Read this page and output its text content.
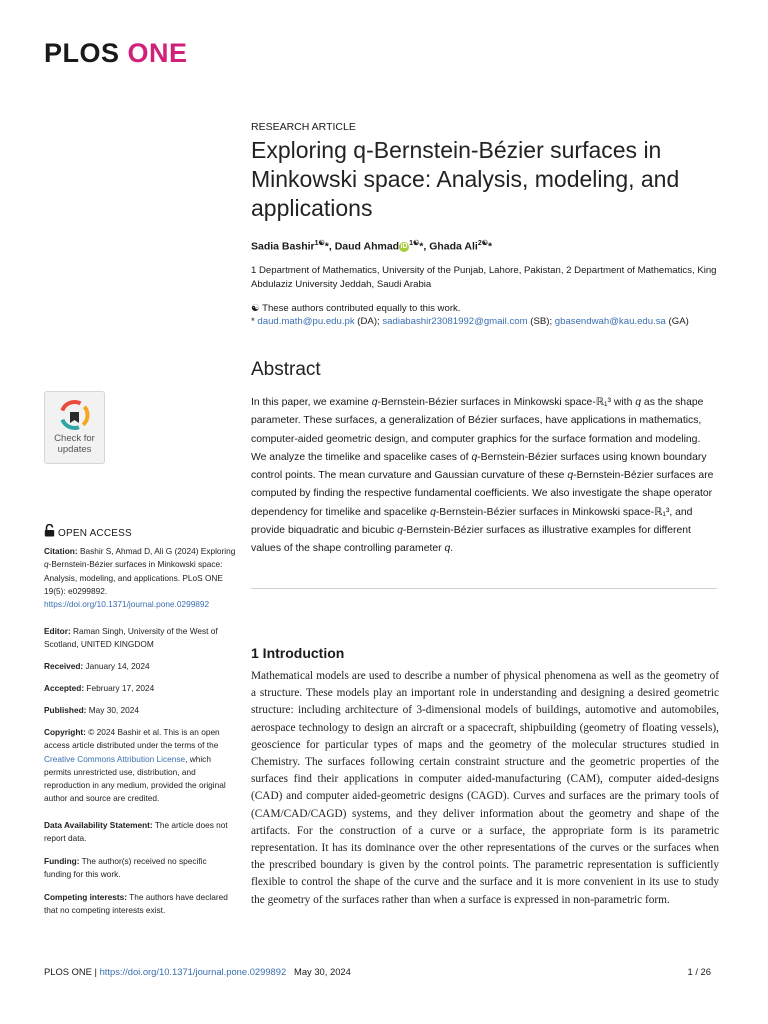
PLOS ONE
RESEARCH ARTICLE
Exploring q-Bernstein-Bézier surfaces in Minkowski space: Analysis, modeling, and applications
Sadia Bashir$^{1☯}$*, Daud Ahmad iD $^{1☯}$*, Ghada Ali$^{2☯}$*
1 Department of Mathematics, University of the Punjab, Lahore, Pakistan, 2 Department of Mathematics, King Abdulaziz University Jeddah, Saudi Arabia
☯ These authors contributed equally to this work.
* daud.math@pu.edu.pk (DA); sadiabashir23081992@gmail.com (SB); gbasendwah@kau.edu.sa (GA)
Abstract

In this paper, we examine q-Bernstein-Bézier surfaces in Minkowski space-ℝ₁³ with q as the shape parameter. These surfaces, a generalization of Bézier surfaces, have applications in mathematics, computer-aided geometric design, and computer graphics for the surface formation and modeling. We analyze the timelike and spacelike cases of q-Bernstein-Bézier surfaces using known boundary control points. The mean curvature and Gaussian curvature of these q-Bernstein-Bézier surfaces are computed by finding the respective fundamental coefficients. We also investigate the shape operator dependency for timelike and spacelike q-Bernstein-Bézier surfaces in Minkowski space-ℝ₁³, and provide biquadratic and bicubic q-Bernstein-Bézier surfaces as illustrative examples for different values of the shape controlling parameter q.

1 Introduction

Mathematical models are used to describe a number of physical phenomena as well as the geometry of a structure. These models play an important role in understanding and designing a desired geometric structure: including architecture of 3-dimensional models of buildings, automotive and automobiles, aerospace technology to design an aircraft or a spacecraft, shipbuilding (geometry of floating vessels), geoscience for particular types of maps and the geometry of the molecular structures studied in Chemistry. The surfaces following certain constraint structure and the geometric properties of the surfaces find their applications in computer aided-manufacturing (CAM), computer aided-designs (CAD) and computer aided-geometric designs (CAGD). Curves and surfaces are the primary tools of (CAM/CAD/CAGD) systems, and they deliver information about the geometry and shape of the artifacts. For the construction of a curve or a surface, the appropriate form is its parametric representation. It has its dominance over the other representations of the curves or the surfaces when the prescribed boundary is given by the control points. The parametric representation is sufficiently flexible to control the shape of the curve and the surface and it is more convenient in its use to study the geometry of the surfaces rather than when a surface is expressed in non-parametric form.

Check for updates
OPEN ACCESS
Citation: Bashir S, Ahmad D, Ali G (2024) Exploring q-Bernstein-Bézier surfaces in Minkowski space: Analysis, modeling, and applications. PLoS ONE 19(5): e0299892. https://doi.org/10.1371/journal.pone.0299892
Editor: Raman Singh, University of the West of Scotland, UNITED KINGDOM
Received: January 14, 2024
Accepted: February 17, 2024
Published: May 30, 2024
Copyright: © 2024 Bashir et al. This is an open access article distributed under the terms of the Creative Commons Attribution License, which permits unrestricted use, distribution, and reproduction in any medium, provided the original author and source are credited.
Data Availability Statement: The article does not report data.
Funding: The author(s) received no specific funding for this work.
Competing interests: The authors have declared that no competing interests exist.
PLOS ONE | https://doi.org/10.1371/journal.pone.0299892 May 30, 2024	1 / 26
